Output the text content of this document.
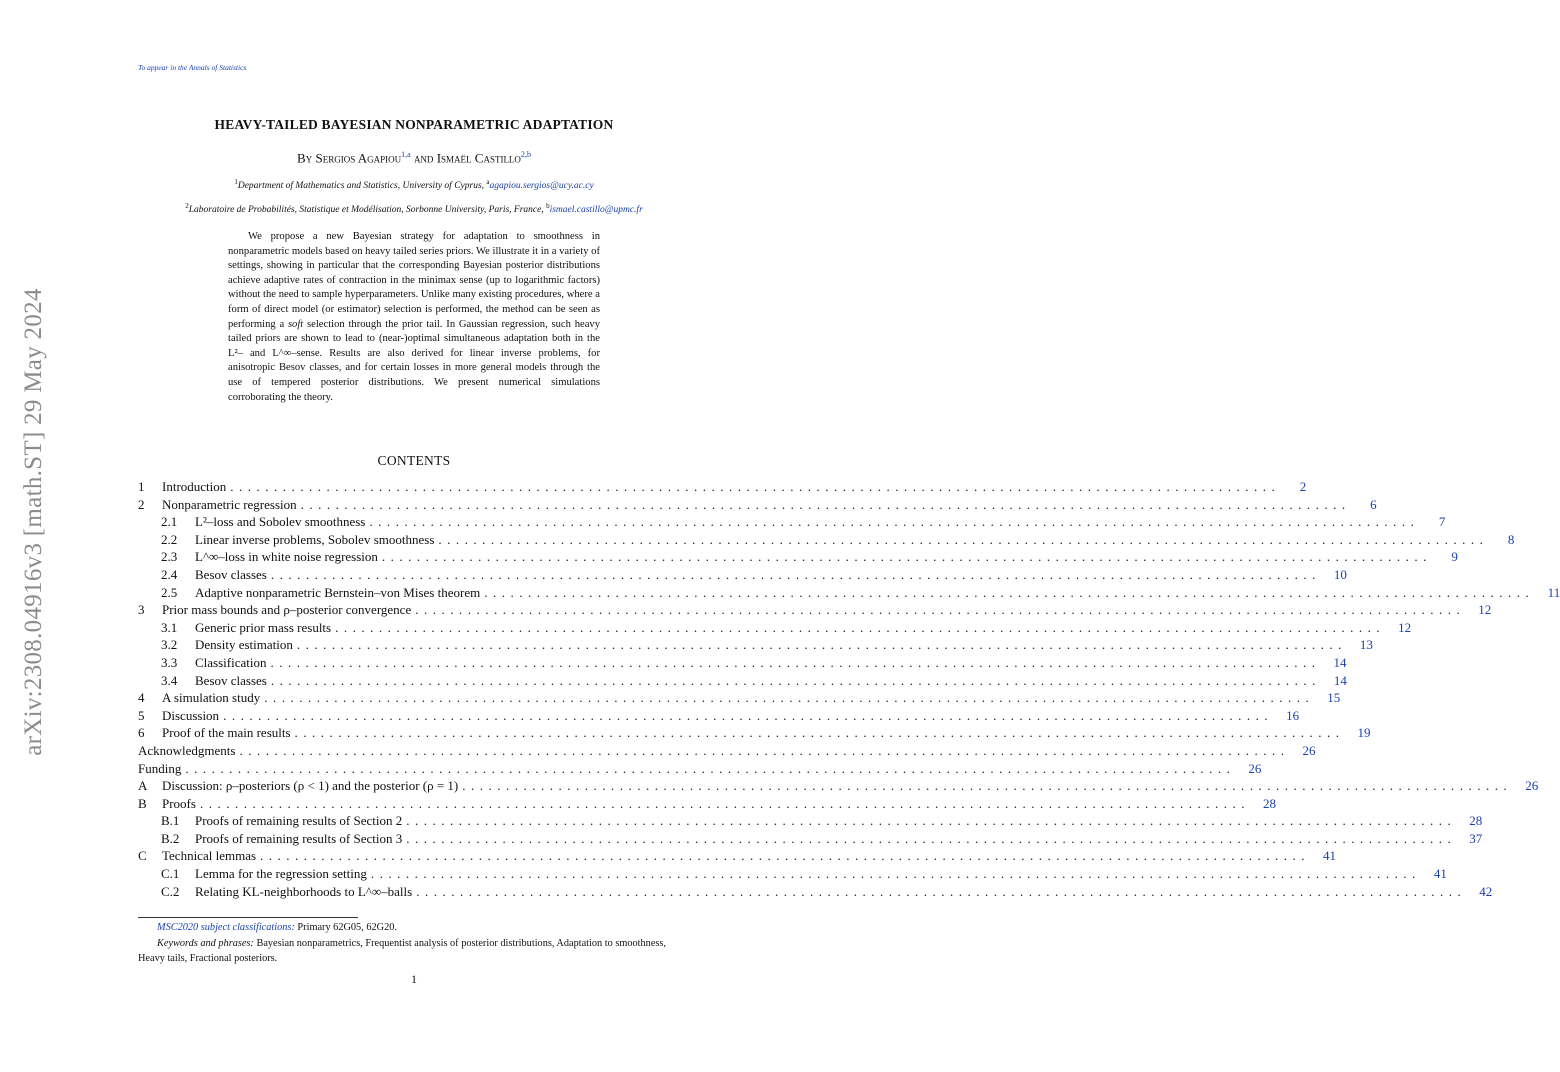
arXiv:2308.04916v3 [math.ST] 29 May 2024
To appear in the Annals of Statistics
HEAVY-TAILED BAYESIAN NONPARAMETRIC ADAPTATION
By Sergios Agapiou$^{1,a}$ and Ismaël Castillo$^{2,b}$
$^1$Department of Mathematics and Statistics, University of Cyprus, $^a$agapiou.sergios@ucy.ac.cy
$^2$Laboratoire de Probabilités, Statistique et Modélisation, Sorbonne University, Paris, France, $^b$ismael.castillo@upmc.fr
We propose a new Bayesian strategy for adaptation to smoothness in nonparametric models based on heavy tailed series priors. We illustrate it in a variety of settings, showing in particular that the corresponding Bayesian posterior distributions achieve adaptive rates of contraction in the minimax sense (up to logarithmic factors) without the need to sample hyperparameters. Unlike many existing procedures, where a form of direct model (or estimator) selection is performed, the method can be seen as performing a soft selection through the prior tail. In Gaussian regression, such heavy tailed priors are shown to lead to (near-)optimal simultaneous adaptation both in the L²– and L^∞–sense. Results are also derived for linear inverse problems, for anisotropic Besov classes, and for certain losses in more general models through the use of tempered posterior distributions. We present numerical simulations corroborating the theory.
CONTENTS
1	Introduction ........................................................................................................................	2
2	Nonparametric regression ........................................................................................................................	6
2.1	L²–loss and Sobolev smoothness ........................................................................................................................	7
2.2	Linear inverse problems, Sobolev smoothness ........................................................................................................................	8
2.3	L^∞–loss in white noise regression ........................................................................................................................	9
2.4	Besov classes ........................................................................................................................	10
2.5	Adaptive nonparametric Bernstein–von Mises theorem ........................................................................................................................	11
3	Prior mass bounds and ρ–posterior convergence ........................................................................................................................	12
3.1	Generic prior mass results ........................................................................................................................	12
3.2	Density estimation ........................................................................................................................	13
3.3	Classification ........................................................................................................................	14
3.4	Besov classes ........................................................................................................................	14
4	A simulation study ........................................................................................................................	15
5	Discussion ........................................................................................................................	16
6	Proof of the main results ........................................................................................................................	19
Acknowledgments ........................................................................................................................	26
Funding ........................................................................................................................	26
A	Discussion: ρ–posteriors (ρ < 1) and the posterior (ρ = 1) ........................................................................................................................	26
B	Proofs ........................................................................................................................	28
B.1	Proofs of remaining results of Section 2 ........................................................................................................................	28
B.2	Proofs of remaining results of Section 3 ........................................................................................................................	37
C	Technical lemmas ........................................................................................................................	41
C.1	Lemma for the regression setting ........................................................................................................................	41
C.2	Relating KL-neighborhoods to L^∞–balls ........................................................................................................................	42
MSC2020 subject classifications: Primary 62G05, 62G20.
Keywords and phrases: Bayesian nonparametrics, Frequentist analysis of posterior distributions, Adaptation to smoothness, Heavy tails, Fractional posteriors.
1
